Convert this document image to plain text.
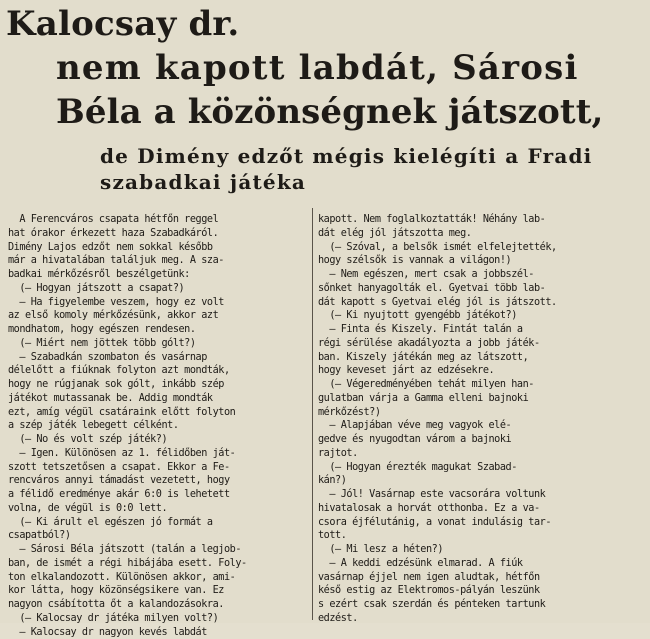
Kalocsay dr.
nem kapott labdát, Sárosi
Béla a közönségnek játszott,
de Dimény edzőt mégis kielégíti a Fradi
szabadkai játéka
A Ferencváros csapata hétfőn reggel
hat órakor érkezett haza Szabadkáról.
Dimény Lajos edzőt nem sokkal később
már a hivatalában találjuk meg. A sza-
badkai mérkőzésről beszélgetünk:
(— Hogyan játszott a csapat?)
— Ha figyelembe veszem, hogy ez volt
az első komoly mérkőzésünk, akkor azt
mondhatom, hogy egészen rendesen.
(— Miért nem jöttek több gólt?)
— Szabadkán szombaton és vasárnap
délelőtt a fiúknak folyton azt mondták,
hogy ne rúgjanak sok gólt, inkább szép
játékot mutassanak be. Addig mondták
ezt, amíg végül csatáraink előtt folyton
a szép játék lebegett célként.
(— No és volt szép játék?)
— Igen. Különösen az 1. félidőben ját-
szott tetszetősen a csapat. Ekkor a Fe-
rencváros annyi támadást vezetett, hogy
a félidő eredménye akár 6:0 is lehetett
volna, de végül is 0:0 lett.
(— Ki árult el egészen jó formát a
csapatból?)
— Sárosi Béla játszott (talán a legjob-
ban, de ismét a régi hibájába esett. Foly-
ton elkalandozott. Különösen akkor, ami-
kor látta, hogy közönségsikere van. Ez
nagyon csábította őt a kalandozásokra.
(— Kalocsay dr játéka milyen volt?)
— Kalocsay dr nagyon kevés labdát
kapott. Nem foglalkoztatták! Néhány lab-
dát elég jól játszotta meg.
(— Szóval, a belsők ismét elfelejtették,
hogy szélsők is vannak a világon!)
— Nem egészen, mert csak a jobbszél-
sőnket hanyagolták el. Gyetvai több lab-
dát kapott s Gyetvai elég jól is játszott.
(— Ki nyujtott gyengébb játékot?)
— Finta és Kiszely. Fintát talán a
régi sérülése akadályozta a jobb játék-
ban. Kiszely játékán meg az látszott,
hogy keveset járt az edzésekre.
(— Végeredményében tehát milyen han-
gulatban várja a Gamma elleni bajnoki
mérkőzést?)
— Alapjában véve meg vagyok elé-
gedve és nyugodtan várom a bajnoki
rajtot.
(— Hogyan érezték magukat Szabad-
kán?)
— Jól! Vasárnap este vacsorára voltunk
hivatalosak a horvát otthonba. Ez a va-
csora éjfélutánig, a vonat indulásig tar-
tott.
(— Mi lesz a héten?)
— A keddi edzésünk elmarad. A fiúk
vasárnap éjjel nem igen aludtak, hétfőn
késő estig az Elektromos-pályán leszünk
s ezért csak szerdán és pénteken tartunk
edzést.
